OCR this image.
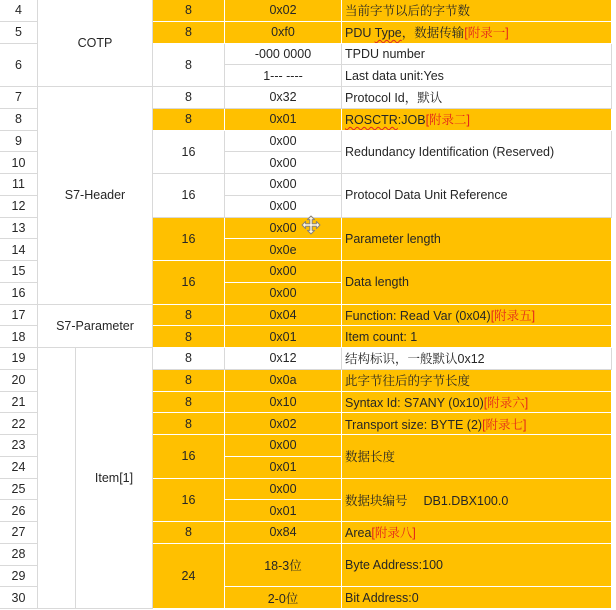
4
5
6
7
8
9
10
11
12
13
14
15
16
17
18
19
20
21
22
23
24
25
26
27
28
29
30
COTP
S7-Header
S7-Parameter
Item[1]
8
8
8
8
8
16
16
16
16
8
8
8
8
8
8
16
16
8
24
0x02
0xf0
-000 0000
1--- ----
0x32
0x01
0x00
0x00
0x00
0x00
0x00
0x0e
0x00
0x00
0x04
0x01
0x12
0x0a
0x10
0x02
0x00
0x01
0x00
0x01
0x84
18-3位
2-0位
当前字节以后的字节数
PDU Type，数据传输[附录一]
TPDU number
Last data unit:Yes
Protocol Id，默认
ROSCTR:JOB[附录二]
Redundancy Identification (Reserved)
Protocol Data Unit Reference
Parameter length
Data length
Function: Read Var (0x04)[附录五]
Item count: 1
结构标识，一般默认0x12
此字节往后的字节长度
Syntax Id: S7ANY (0x10)[附录六]
Transport size: BYTE (2)[附录七]
数据长度
数据块编号 DB1.DBX100.0
Area[附录八]
Byte Address:100
Bit Address:0
